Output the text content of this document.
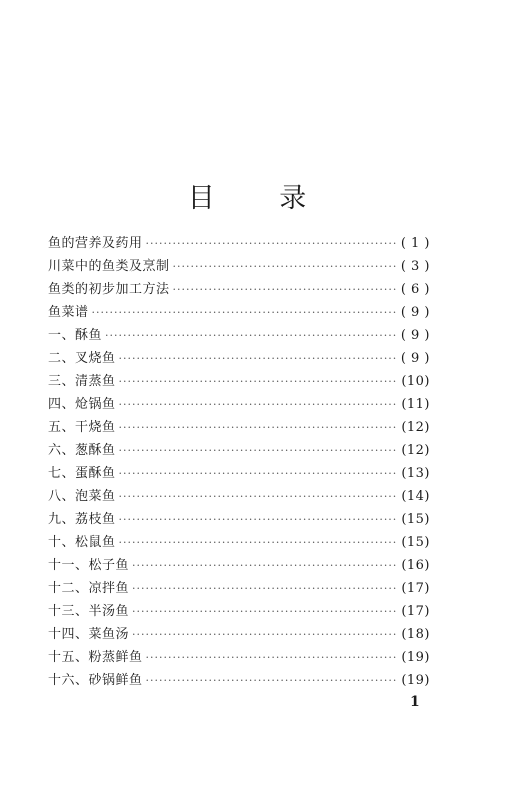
目 录
鱼的营养及药用 ·····	( 1 )
川菜中的鱼类及烹制 ·····	( 3 )
鱼类的初步加工方法 ·····	( 6 )
鱼菜谱 ·····	( 9 )
一、酥鱼 ·····	( 9 )
二、叉烧鱼 ·····	( 9 )
三、清蒸鱼 ·····	(10)
四、炝锅鱼 ·····	(11)
五、干烧鱼 ·····	(12)
六、葱酥鱼 ·····	(12)
七、蛋酥鱼 ·····	(13)
八、泡菜鱼 ·····	(14)
九、荔枝鱼 ·····	(15)
十、松鼠鱼 ·····	(15)
十一、松子鱼 ·····	(16)
十二、凉拌鱼 ·····	(17)
十三、半汤鱼 ·····	(17)
十四、菜鱼汤 ·····	(18)
十五、粉蒸鲜鱼 ·····	(19)
十六、砂锅鲜鱼 ·····	(19)
1
